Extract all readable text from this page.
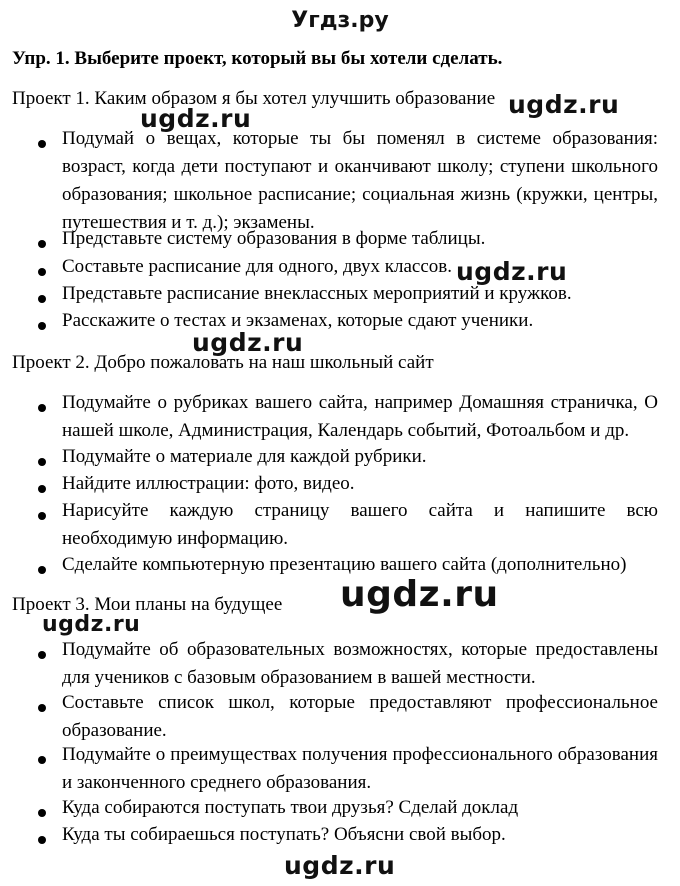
Угдз.ру
Упр. 1. Выберите проект, который вы бы хотели сделать.
Проект 1. Каким образом я бы хотел улучшить образование
Подумай о вещах, которые ты бы поменял в системе образования: возраст, когда дети поступают и оканчивают школу; ступени школьного образования; школьное расписание; социальная жизнь (кружки, центры, путешествия и т. д.); экзамены.
Представьте систему образования в форме таблицы.
Составьте расписание для одного, двух классов.
Представьте расписание внеклассных мероприятий и кружков.
Расскажите о тестах и экзаменах, которые сдают ученики.
Проект 2. Добро пожаловать на наш школьный сайт
Подумайте о рубриках вашего сайта, например Домашняя страничка, О нашей школе, Администрация, Календарь событий, Фотоальбом и др.
Подумайте о материале для каждой рубрики.
Найдите иллюстрации: фото, видео.
Нарисуйте каждую страницу вашего сайта и напишите всю необходимую информацию.
Сделайте компьютерную презентацию вашего сайта (дополнительно)
Проект 3. Мои планы на будущее
Подумайте об образовательных возможностях, которые предоставлены для учеников с базовым образованием в вашей местности.
Составьте список школ, которые предоставляют профессиональное образование.
Подумайте о преимуществах получения профессионального образования и законченного среднего образования.
Куда собираются поступать твои друзья? Сделай доклад
Куда ты собираешься поступать? Объясни свой выбор.
ugdz.ru
ugdz.ru
ugdz.ru
ugdz.ru
ugdz.ru
ugdz.ru
ugdz.ru
